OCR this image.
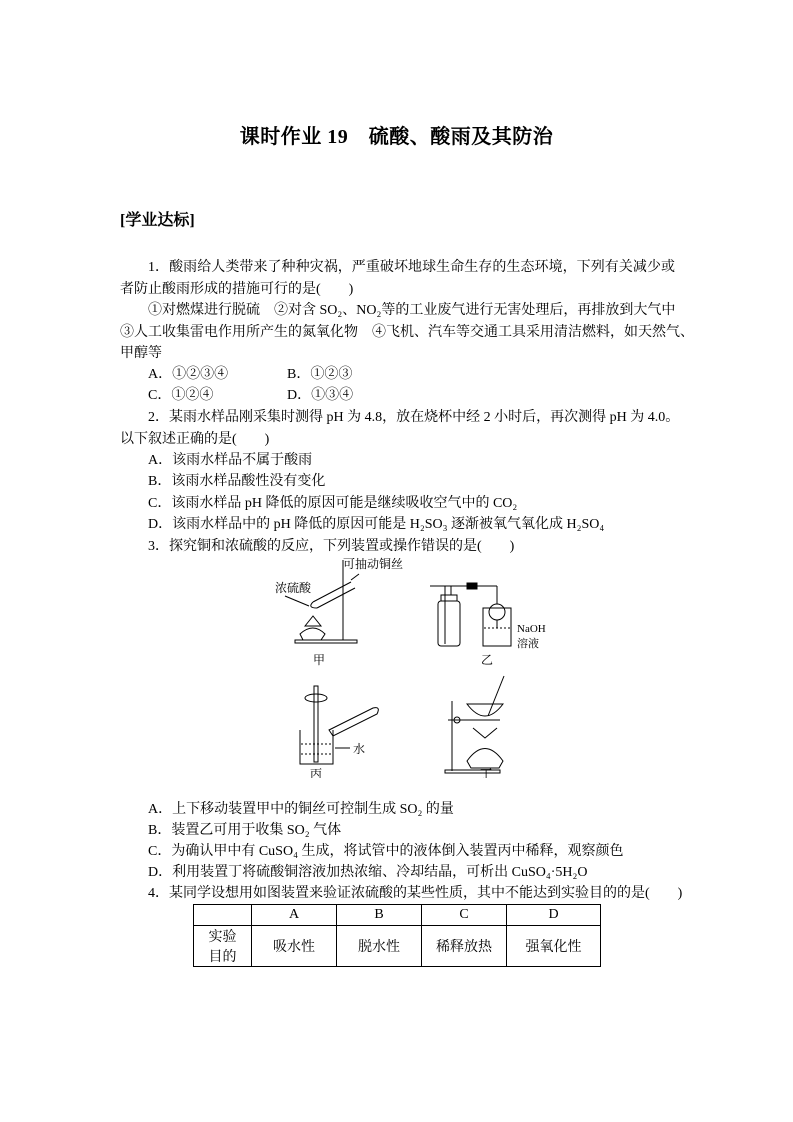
课时作业 19　硫酸、酸雨及其防治
[学业达标]
1．酸雨给人类带来了种种灾祸，严重破坏地球生命生存的生态环境，下列有关减少或
者防止酸雨形成的措施可行的是(　　)
①对燃煤进行脱硫　②对含 SO₂、NO₂等的工业废气进行无害处理后，再排放到大气中
③人工收集雷电作用所产生的氮氧化物　④飞机、汽车等交通工具采用清洁燃料，如天然气、
甲醇等
A．①②③④	B．①②③
C．①②④	D．①③④
2．某雨水样品刚采集时测得 pH 为 4.8，放在烧杯中经 2 小时后，再次测得 pH 为 4.0。
以下叙述正确的是(　　)
A．该雨水样品不属于酸雨
B．该雨水样品酸性没有变化
C．该雨水样品 pH 降低的原因可能是继续吸收空气中的 CO₂
D．该雨水样品中的 pH 降低的原因可能是 H₂SO₃ 逐渐被氧气氧化成 H₂SO₄
3．探究铜和浓硫酸的反应，下列装置或操作错误的是(　　)
浓硫酸
可抽动铜丝
甲
NaOH
溶液
乙
水
丙	丁
A．上下移动装置甲中的铜丝可控制生成 SO₂ 的量
B．装置乙可用于收集 SO₂ 气体
C．为确认甲中有 CuSO₄ 生成，将试管中的液体倒入装置丙中稀释，观察颜色
D．利用装置丁将硫酸铜溶液加热浓缩、冷却结晶，可析出 CuSO₄·5H₂O
4．某同学设想用如图装置来验证浓硫酸的某些性质，其中不能达到实验目的的是(　　)
	A	B	C	D

实验
目的	吸水性	脱水性	稀释放热	强氧化性
